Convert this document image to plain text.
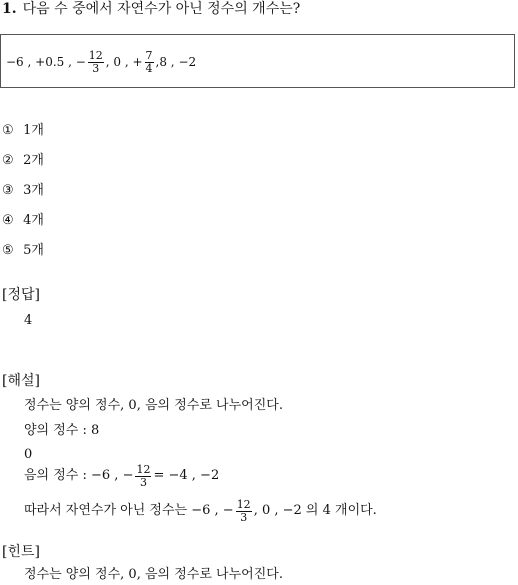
1. 다음 수 중에서 자연수가 아닌 정수의 개수는?
−6 , +0.5 , − $\frac{12}{3}$ , 0 , + $\frac{7}{4} ,8$ , −2
① 1개
② 2개
③ 3개
④ 4개
⑤ 5개
[정답]
4
[해설]
정수는 양의 정수, 0, 음의 정수로 나누어진다.
양의 정수 : 8
0
음의 정수 : −6 , − $\frac{12}{3} = -4$ , −2
따라서 자연수가 아닌 정수는 −6 , − $\frac{12}{3}$ , 0 , −2 의 4 개이다.
[힌트]
정수는 양의 정수, 0, 음의 정수로 나누어진다.
